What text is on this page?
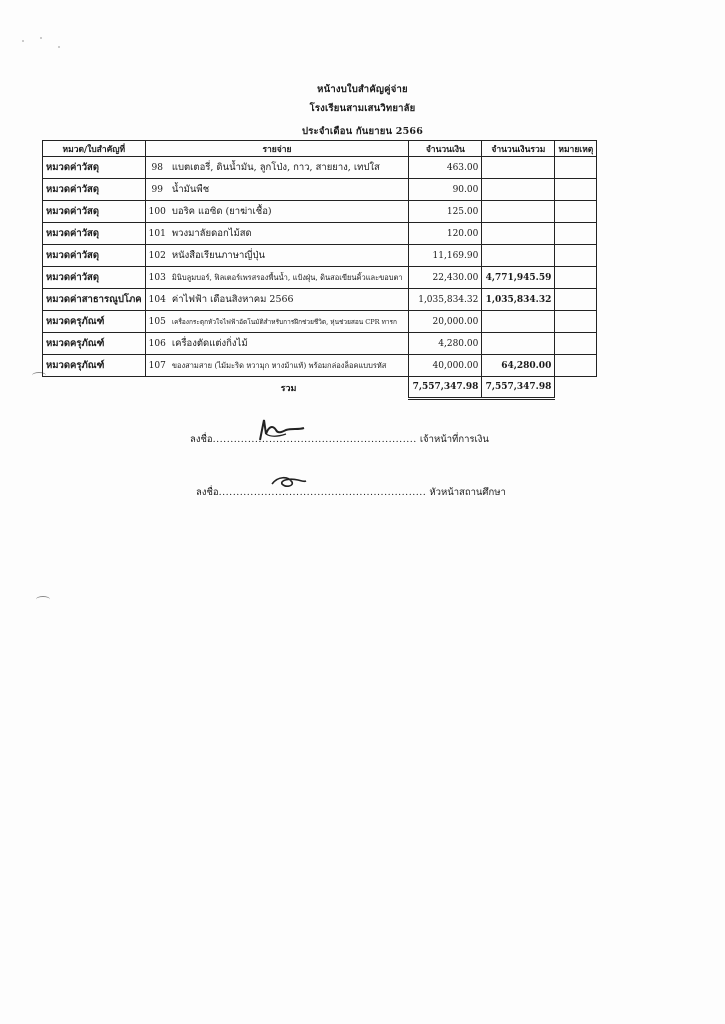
หน้างบใบสำคัญคู่จ่าย
โรงเรียนสามเสนวิทยาลัย
ประจำเดือน กันยายน 2566
หมวด/ใบสำคัญที่	รายจ่าย		จำนวนเงิน	จำนวนเงินรวม	หมายเหตุ
หมวดค่าวัสดุ	98	แบตเตอรี่, ดินน้ำมัน, ลูกโป่ง, กาว, สายยาง, เทปใส	463.00		
หมวดค่าวัสดุ	99	น้ำมันพืช	90.00		
หมวดค่าวัสดุ	100	บอริค แอซิด (ยาฆ่าเชื้อ)	125.00		
หมวดค่าวัสดุ	101	พวงมาลัยดอกไม้สด	120.00		
หมวดค่าวัสดุ	102	หนังสือเรียนภาษาญี่ปุ่น	11,169.90		
หมวดค่าวัสดุ	103	มินิบลูมบอร์, ฟิลเตอร์เพรสรองพื้นน้ำ, แป้งฝุ่น, ดินสอเขียนคิ้วและขอบตา	22,430.00	4,771,945.59	
หมวดค่าสาธารณูปโภค	104	ค่าไฟฟ้า เดือนสิงหาคม 2566	1,035,834.32	1,035,834.32	
หมวดครุภัณฑ์	105	เครื่องกระตุกหัวใจไฟฟ้าอัตโนมัติสำหรับการฝึกช่วยชีวิต, หุ่นช่วยสอน CPR ทารก	20,000.00		
หมวดครุภัณฑ์	106	เครื่องตัดแต่งกิ่งไม้	4,280.00		
หมวดครุภัณฑ์	107	ของสามสาย (ไม้มะริด หวามุก หางม้าแท้) พร้อมกล่องล็อคแบบรหัส	40,000.00	64,280.00	
		รวม	7,557,347.98	7,557,347.98	
ลงชื่อ.......................................................... เจ้าหน้าที่การเงิน
ลงชื่อ........................................................... หัวหน้าสถานศึกษา
